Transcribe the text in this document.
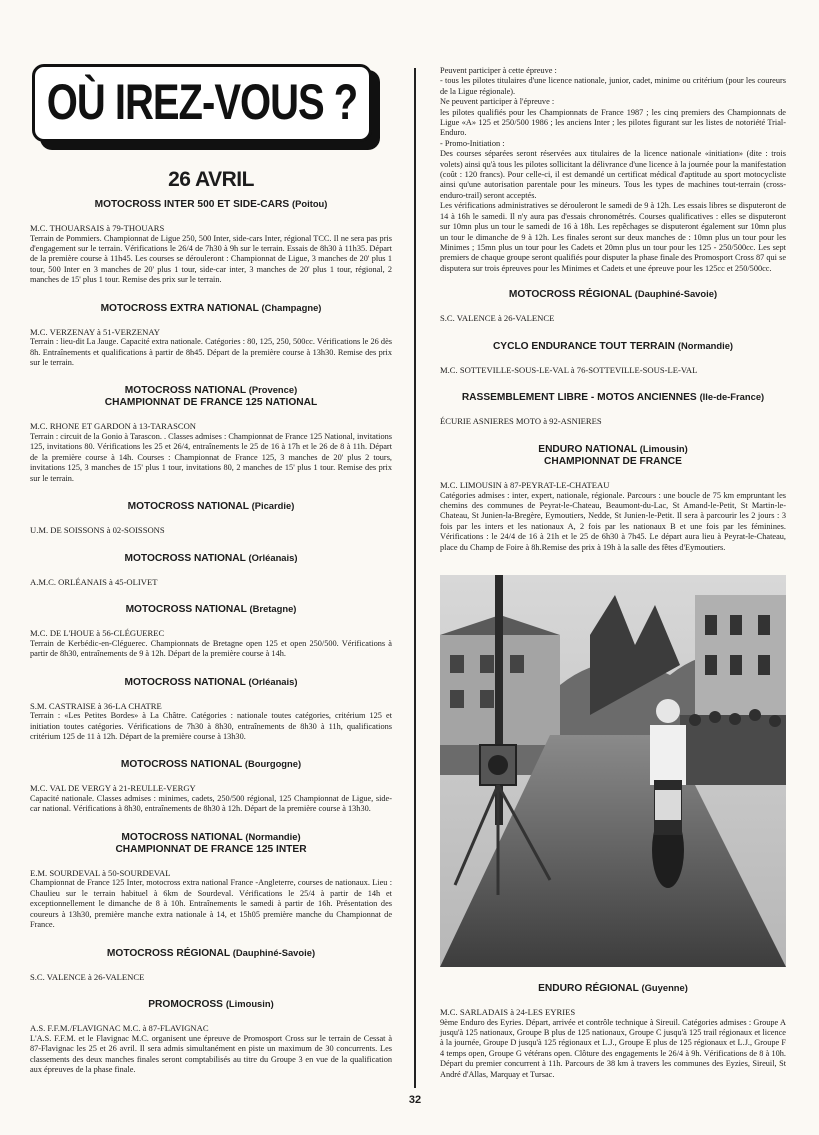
OÙ IREZ-VOUS ?
26 AVRIL
MOTOCROSS INTER 500 ET SIDE-CARS (Poitou)
M.C. THOUARSAIS à 79-THOUARS
Terrain de Pommiers. Championnat de Ligue 250, 500 Inter, side-cars Inter, régional TCC. Il ne sera pas pris d'engagement sur le terrain. Vérifications le 26/4 de 7h30 à 9h sur le terrain. Essais de 8h30 à 11h35. Départ de la première course à 11h45. Les courses se dérouleront : Championnat de Ligue, 3 manches de 20' plus 1 tour, 500 Inter en 3 manches de 20' plus 1 tour, side-car inter, 3 manches de 20' plus 1 tour, régional, 2 manches de 15' plus 1 tour. Remise des prix sur le terrain.
MOTOCROSS EXTRA NATIONAL (Champagne)
M.C. VERZENAY à 51-VERZENAY
Terrain : lieu-dit La Jauge. Capacité extra nationale. Catégories : 80, 125, 250, 500cc. Vérifications le 26 dès 8h. Entraînements et qualifications à partir de 8h45. Départ de la première course à 13h30. Remise des prix sur le terrain.
MOTOCROSS NATIONAL (Provence)
CHAMPIONNAT DE FRANCE 125 NATIONAL
M.C. RHONE ET GARDON à 13-TARASCON
Terrain : circuit de la Gonio à Tarascon. . Classes admises : Championnat de France 125 National, invitations 125, invitations 80. Vérifications les 25 et 26/4, entraînements le 25 de 16 à 17h et le 26 de 8 à 11h. Départ de la première course à 14h. Courses : Championnat de France 125, 3 manches de 20' plus 2 tours, invitations 125, 3 manches de 15' plus 1 tour, invitations 80, 2 manches de 15' plus 1 tour. Remise des prix sur le terrain.
MOTOCROSS NATIONAL (Picardie)
U.M. DE SOISSONS à 02-SOISSONS
MOTOCROSS NATIONAL (Orléanais)
A.M.C. ORLÉANAIS à 45-OLIVET
MOTOCROSS NATIONAL (Bretagne)
M.C. DE L'HOUE à 56-CLÉGUEREC
Terrain de Kerbédic-en-Cléguerec. Championnats de Bretagne open 125 et open 250/500. Vérifications à partir de 8h30, entraînements de 9 à 12h. Départ de la première course à 14h.
MOTOCROSS NATIONAL (Orléanais)
S.M. CASTRAISE à 36-LA CHATRE
Terrain : «Les Petites Bordes» à La Châtre. Catégories : nationale toutes catégories, critérium 125 et initiation toutes catégories. Vérifications de 7h30 à 8h30, entraînements de 8h30 à 11h, qualifications critérium 125 de 11 à 12h. Départ de la première course à 13h30.
MOTOCROSS NATIONAL (Bourgogne)
M.C. VAL DE VERGY à 21-REULLE-VERGY
Capacité nationale. Classes admises : minimes, cadets, 250/500 régional, 125 Championnat de Ligue, side-car national. Vérifications à 8h30, entraînements de 8h30 à 12h. Départ de la première course à 13h30.
MOTOCROSS NATIONAL (Normandie)
CHAMPIONNAT DE FRANCE 125 INTER
E.M. SOURDEVAL à 50-SOURDEVAL
Championnat de France 125 Inter, motocross extra national France -Angleterre, courses de nationaux. Lieu : Chaulieu sur le terrain habituel à 6km de Sourdeval. Vérifications le 25/4 à partir de 14h et exceptionnellement le dimanche de 8 à 10h. Entraînements le samedi à partir de 16h. Présentation des coureurs à 13h30, première manche extra nationale à 14, et 15h05 première manche du Championnat de France.
MOTOCROSS RÉGIONAL (Dauphiné-Savoie)
S.C. VALENCE à 26-VALENCE
PROMOCROSS (Limousin)
A.S. F.F.M./FLAVIGNAC M.C. à 87-FLAVIGNAC
L'A.S. F.F.M. et le Flavignac M.C. organisent une épreuve de Promosport Cross sur le terrain de Cessat à 87-Flavignac les 25 et 26 avril. Il sera admis simultanément en piste un maximum de 30 concurrents. Les classements des deux manches finales seront comptabilisés au titre du Groupe 3 en vue de la qualification aux épreuves de la phase finale.

Peuvent participer à cette épreuve :

- tous les pilotes titulaires d'une licence nationale, junior, cadet, minime ou critérium (pour les coureurs de la Ligue régionale).

Ne peuvent participer à l'épreuve :

les pilotes qualifiés pour les Championnats de France 1987 ; les cinq premiers des Championnats de Ligue «A» 125 et 250/500 1986 ; les anciens Inter ; les pilotes figurant sur les listes de notoriété Trial-Enduro.

- Promo-Initiation :

Des courses séparées seront réservées aux titulaires de la licence nationale «initiation» (dite : trois volets) ainsi qu'à tous les pilotes sollicitant la délivrance d'une licence à la journée pour la manifestation (coût : 120 francs). Pour celle-ci, il est demandé un certificat médical d'aptitude au sport motocycliste ainsi qu'une autorisation parentale pour les mineurs. Tous les types de machines tout-terrain (cross-enduro-trail) seront acceptés.

Les vérifications administratives se dérouleront le samedi de 9 à 12h. Les essais libres se disputeront de 14 à 16h le samedi. Il n'y aura pas d'essais chronométrés. Courses qualificatives : elles se disputeront sur 10mn plus un tour le samedi de 16 à 18h. Les repêchages se disputeront également sur 10mn plus un tour le dimanche de 9 à 12h. Les finales seront sur deux manches de : 10mn plus un tour pour les Minimes ; 15mn plus un tour pour les Cadets et 20mn plus un tour pour les 125 - 250/500cc. Les sept premiers de chaque groupe seront qualifiés pour disputer la phase finale des Promosport Cross 87 qui se disputera sur trois épreuves pour les Minimes et Cadets et une épreuve pour les 125cc et 250/500cc.

MOTOCROSS RÉGIONAL (Dauphiné-Savoie)
S.C. VALENCE à 26-VALENCE
CYCLO ENDURANCE TOUT TERRAIN (Normandie)
M.C. SOTTEVILLE-SOUS-LE-VAL à 76-SOTTEVILLE-SOUS-LE-VAL
RASSEMBLEMENT LIBRE - MOTOS ANCIENNES (Ile-de-France)
ÉCURIE ASNIERES MOTO à 92-ASNIERES
ENDURO NATIONAL (Limousin)
CHAMPIONNAT DE FRANCE
M.C. LIMOUSIN à 87-PEYRAT-LE-CHATEAU
Catégories admises : inter, expert, nationale, régionale. Parcours : une boucle de 75 km empruntant les chemins des communes de Peyrat-le-Chateau, Beaumont-du-Lac, St Amand-le-Petit, St Martin-le-Chateau, St Junien-la-Bregère, Eymoutiers, Nedde, St Junien-le-Petit. Il sera à parcourir les 2 jours : 3 fois par les inters et les nationaux A, 2 fois par les nationaux B et une fois par les féminines. Vérifications : le 24/4 de 16 à 21h et le 25 de 6h30 à 7h45. Le départ aura lieu à Peyrat-le-Chateau, place du Champ de Foire à 8h.Remise des prix à 19h à la salle des fêtes d'Eymoutiers.
ENDURO RÉGIONAL (Guyenne)
M.C. SARLADAIS à 24-LES EYRIES
9ème Enduro des Eyries. Départ, arrivée et contrôle technique à Sireuil. Catégories admises : Groupe A jusqu'à 125 nationaux, Groupe B plus de 125 nationaux, Groupe C jusqu'à 125 trail régionaux et licence à la journée, Groupe D jusqu'à 125 régionaux et L.J., Groupe E plus de 125 régionaux et L.J., Groupe F 4 temps open, Groupe G vétérans open. Clôture des engagements le 26/4 à 9h. Vérifications de 8 à 10h. Départ du premier concurrent à 11h. Parcours de 38 km à travers les communes des Eyzies, Sireuil, St André d'Allas, Marquay et Tursac.
32
